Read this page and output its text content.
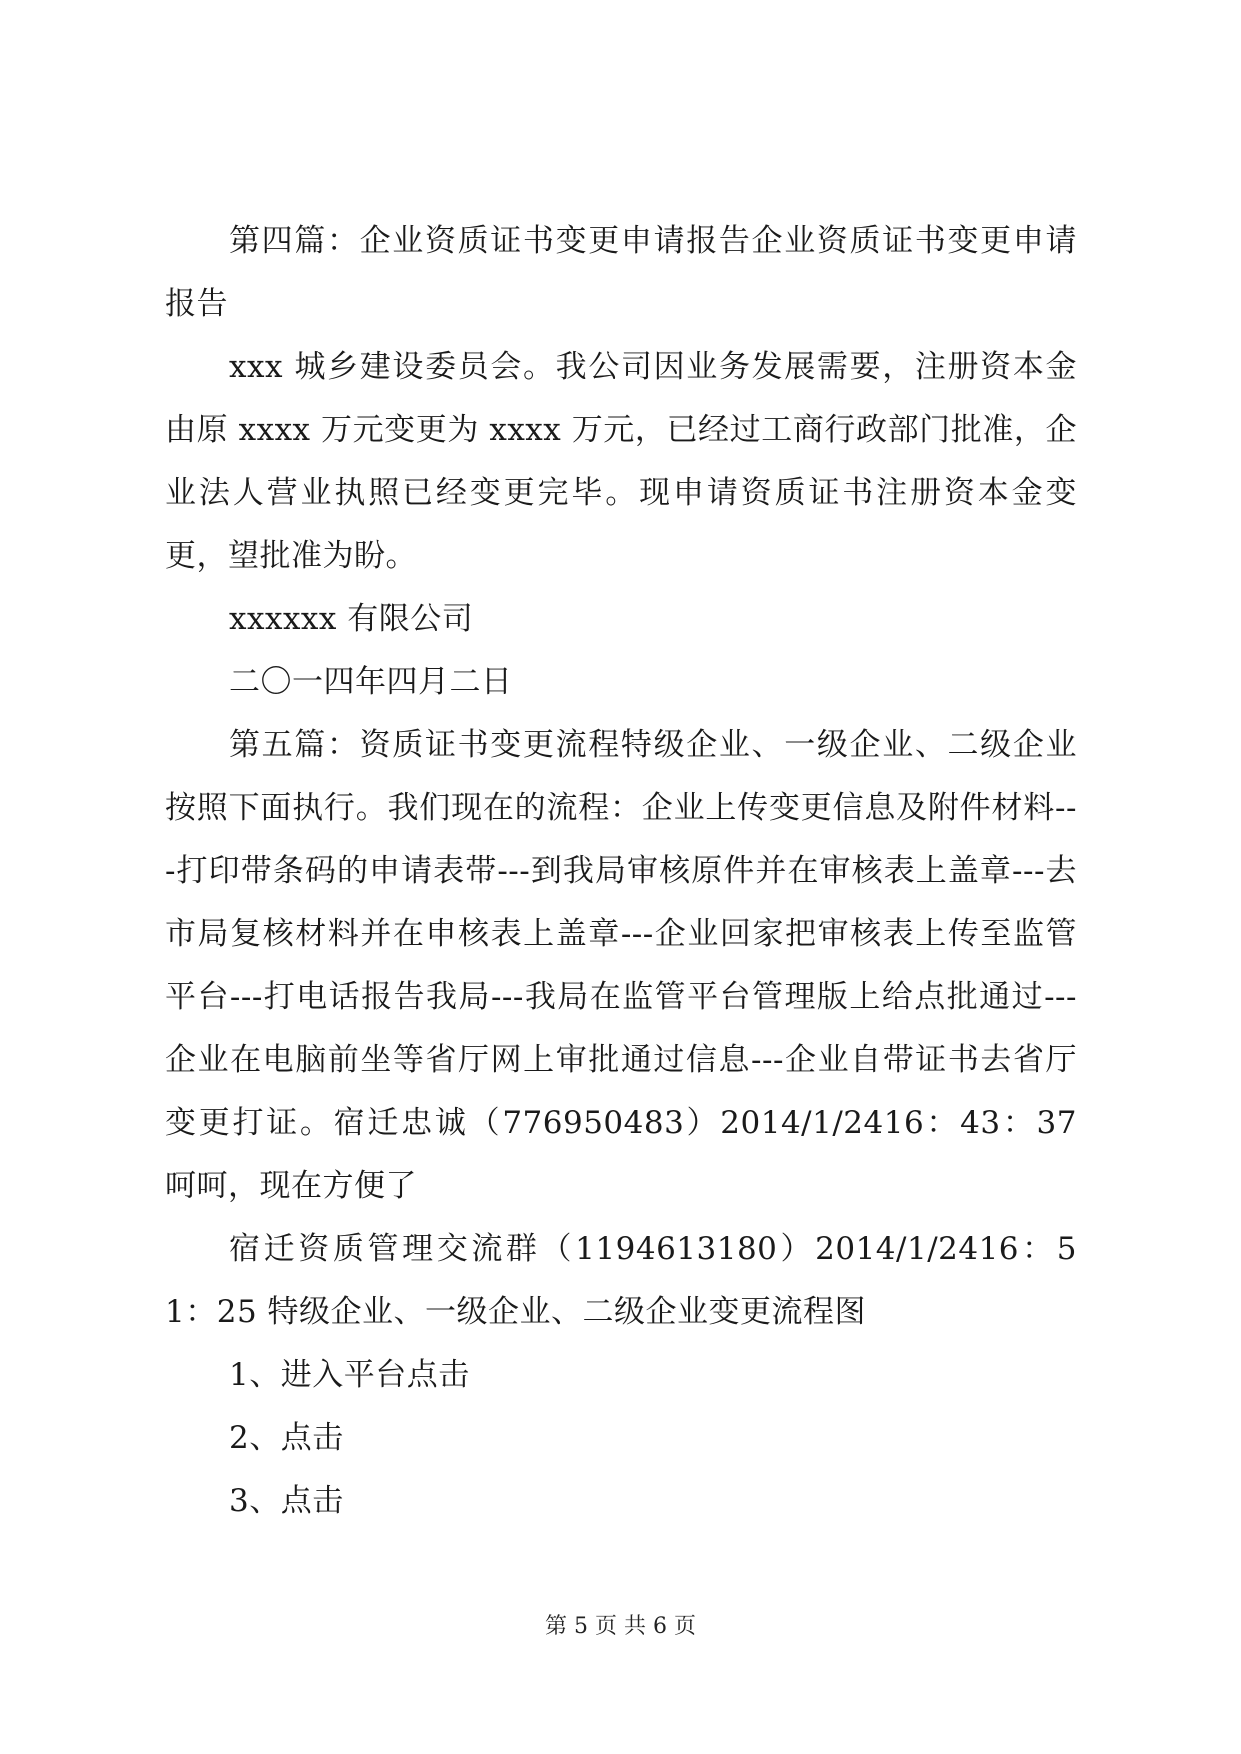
第四篇：企业资质证书变更申请报告企业资质证书变更申请报告

xxx 城乡建设委员会。我公司因业务发展需要，注册资本金由原 xxxx 万元变更为 xxxx 万元，已经过工商行政部门批准，企业法人营业执照已经变更完毕。现申请资质证书注册资本金变更，望批准为盼。

xxxxxx 有限公司

二〇一四年四月二日

第五篇：资质证书变更流程特级企业、一级企业、二级企业按照下面执行。我们现在的流程：企业上传变更信息及附件材料---打印带条码的申请表带---到我局审核原件并在审核表上盖章---去市局复核材料并在申核表上盖章---企业回家把审核表上传至监管平台---打电话报告我局---我局在监管平台管理版上给点批通过---企业在电脑前坐等省厅网上审批通过信息---企业自带证书去省厅变更打证。宿迁忠诚（776950483）2014/1/2416：43：37 呵呵，现在方便了

宿迁资质管理交流群（1194613180）2014/1/2416：51：25 特级企业、一级企业、二级企业变更流程图

1、进入平台点击

2、点击

3、点击

第 5 页 共 6 页
